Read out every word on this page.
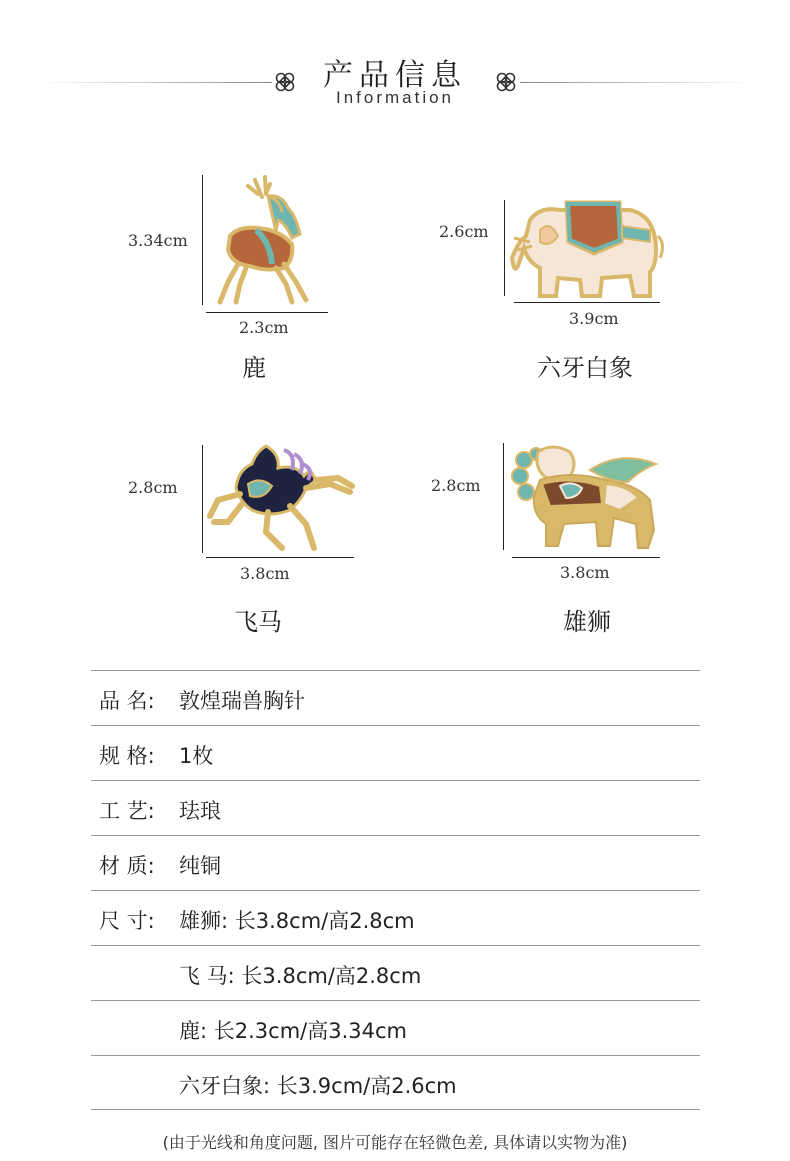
产品信息
Information
3.34cm
2.3cm
鹿
2.6cm
3.9cm
六牙白象
2.8cm
3.8cm
飞马
2.8cm
3.8cm
雄狮
品 名: 敦煌瑞兽胸针
规 格: 1枚
工 艺: 珐琅
材 质: 纯铜
尺 寸: 雄狮: 长3.8cm/高2.8cm
飞 马: 长3.8cm/高2.8cm
鹿: 长2.3cm/高3.34cm
六牙白象: 长3.9cm/高2.6cm
(由于光线和角度问题, 图片可能存在轻微色差, 具体请以实物为准)
